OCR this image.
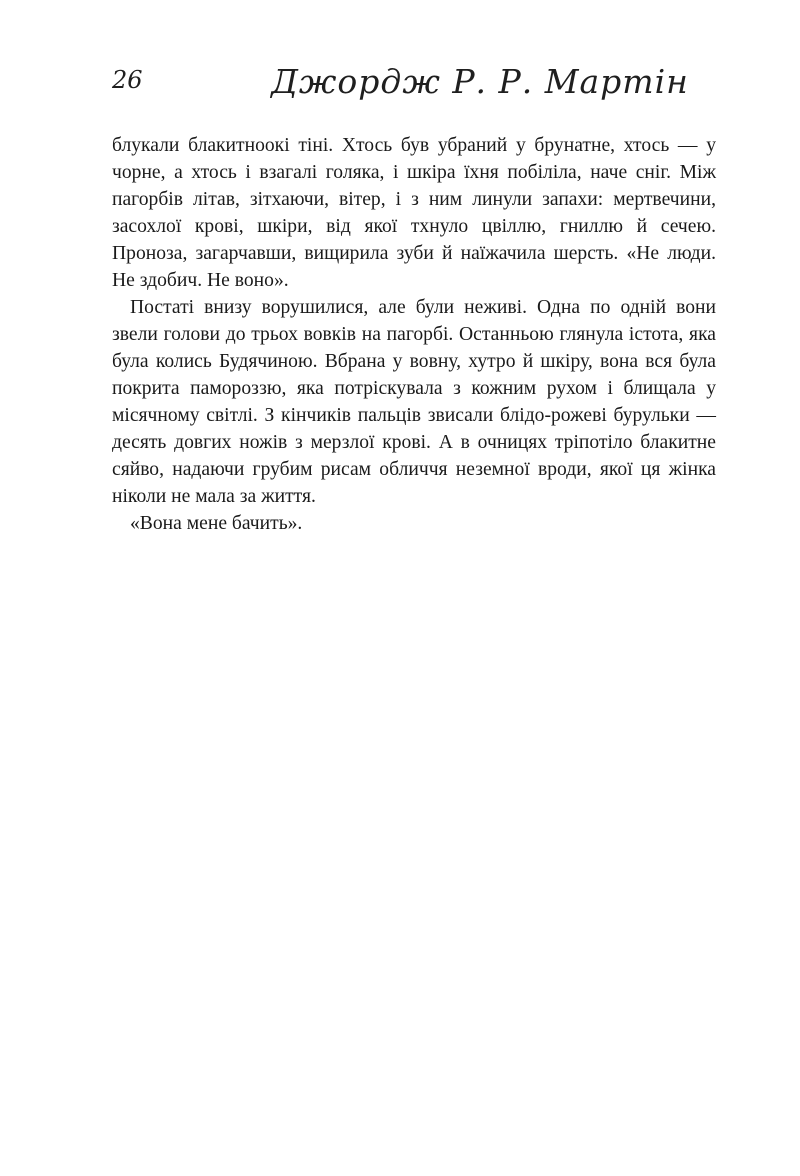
26	Джордж Р. Р. Мартін

блукали блакитноокі тіні. Хтось був убраний у брунатне, хтось — у чорне, а хтось і взагалі голяка, і шкіра їхня побіліла, наче сніг. Між пагорбів літав, зітхаючи, вітер, і з ним линули запахи: мертвечини, засохлої крові, шкіри, від якої тхнуло цвіллю, гниллю й сечею. Проноза, загарчавши, вищирила зуби й наїжачила шерсть. «Не люди. Не здобич. Не воно».

Постаті внизу ворушилися, але були неживі. Одна по одній вони звели голови до трьох вовків на пагорбі. Останньою глянула істота, яка була колись Будячиною. Вбрана у вовну, хутро й шкіру, вона вся була покрита памороззю, яка потріскувала з кожним рухом і блищала у місячному світлі. З кінчиків пальців звисали блідо-рожеві бурульки — десять довгих ножів з мерзлої крові. А в очницях тріпотіло блакитне сяйво, надаючи грубим рисам обличчя неземної вроди, якої ця жінка ніколи не мала за життя.

«Вона мене бачить».
